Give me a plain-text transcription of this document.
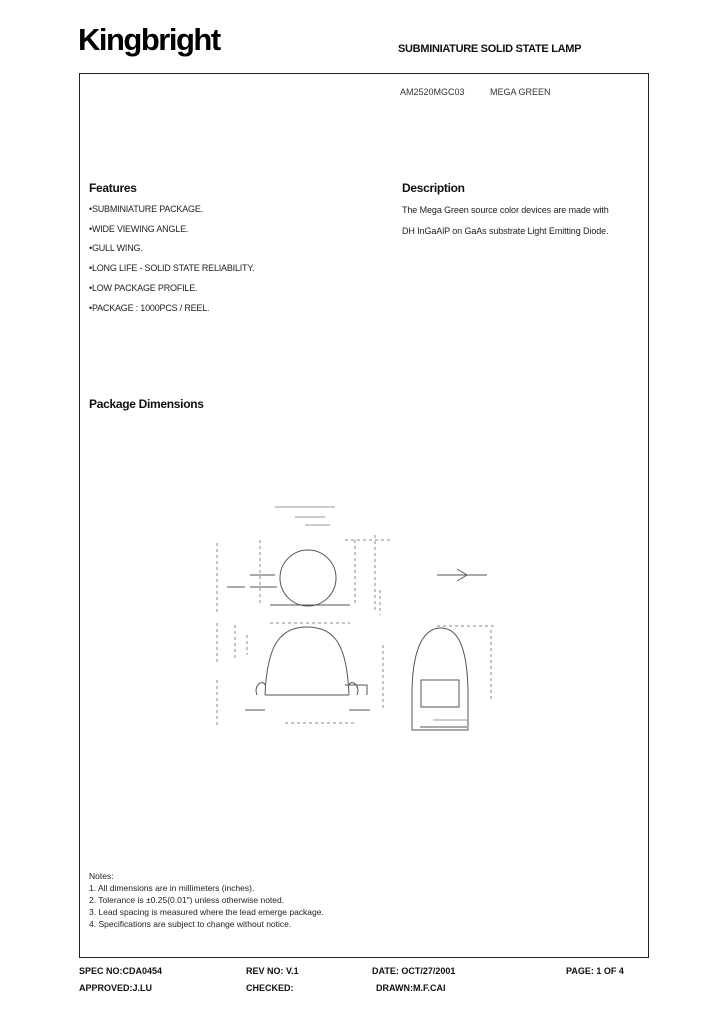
Kingbright	SUBMINIATURE SOLID STATE LAMP
AM2520MGC03	MEGA GREEN
Features
•SUBMINIATURE PACKAGE.
•WIDE VIEWING ANGLE.
•GULL WING.
•LONG LIFE - SOLID STATE RELIABILITY.
•LOW PACKAGE PROFILE.
•PACKAGE : 1000PCS / REEL.
Description
The Mega Green source color devices are made with
DH InGaAlP on GaAs substrate Light Emitting Diode.
Package Dimensions
Notes:
1. All dimensions are in millimeters (inches).
2. Tolerance is ±0.25(0.01") unless otherwise noted.
3. Lead spacing is measured where the lead emerge package.
4. Specifications are subject to change without notice.
SPEC NO:CDA0454	REV NO: V.1	DATE: OCT/27/2001	PAGE: 1 OF 4
APPROVED:J.LU	CHECKED:	DRAWN:M.F.CAI
